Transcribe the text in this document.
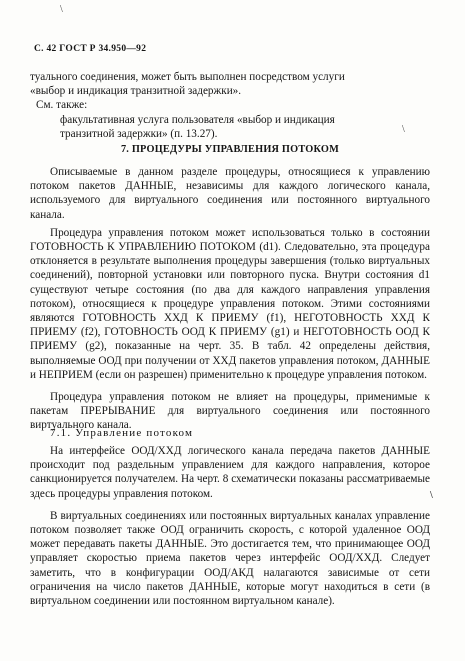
\
С. 42 ГОСТ Р 34.950—92

туального соединения, может быть выполнен посредством услуги

«выбор и индикация транзитной задержки».

См. также:

факультативная услуга пользователя «выбор и индикация

транзитной задержки» (п. 13.27).

7. ПРОЦЕДУРЫ УПРАВЛЕНИЯ ПОТОКОМ

Описываемые в данном разделе процедуры, относящиеся к управлению потоком пакетов ДАННЫЕ, независимы для каждого логического канала, используемого для виртуального соединения или постоянного виртуального канала.

Процедура управления потоком может использоваться только в состоянии ГОТОВНОСТЬ К УПРАВЛЕНИЮ ПОТОКОМ (d1). Следовательно, эта процедура отклоняется в результате выполнения процедуры завершения (только виртуальных соединений), повторной установки или повторного пуска. Внутри состояния d1 существуют четыре состояния (по два для каждого направления управления потоком), относящиеся к процедуре управления потоком. Этими состояниями являются ГОТОВНОСТЬ ХХД К ПРИЕМУ (f1), НЕГОТОВНОСТЬ ХХД К ПРИЕМУ (f2), ГОТОВНОСТЬ ООД К ПРИЕМУ (g1) и НЕГОТОВНОСТЬ ООД К ПРИЕМУ (g2), показанные на черт. 35. В табл. 42 определены действия, выполняемые ООД при получении от ХХД пакетов управления потоком, ДАННЫЕ и НЕПРИЕМ (если он разрешен) применительно к процедуре управления потоком.

Процедура управления потоком не влияет на процедуры, применимые к пакетам ПРЕРЫВАНИЕ для виртуального соединения или постоянного виртуального канала.

7.1. Управление потоком

На интерфейсе ООД/ХХД логического канала передача пакетов ДАННЫЕ происходит под раздельным управлением для каждого направления, которое санкционируется получателем. На черт. 8 схематически показаны рассматриваемые здесь процедуры управления потоком.

В виртуальных соединениях или постоянных виртуальных каналах управление потоком позволяет также ООД ограничить скорость, с которой удаленное ООД может передавать пакеты ДАННЫЕ. Это достигается тем, что принимающее ООД управляет скоростью приема пакетов через интерфейс ООД/ХХД. Следует заметить, что в конфигурации ООД/АКД налагаются зависимые от сети ограничения на число пакетов ДАННЫЕ, которые могут находиться в сети (в виртуальном соединении или постоянном виртуальном канале).

\
\
